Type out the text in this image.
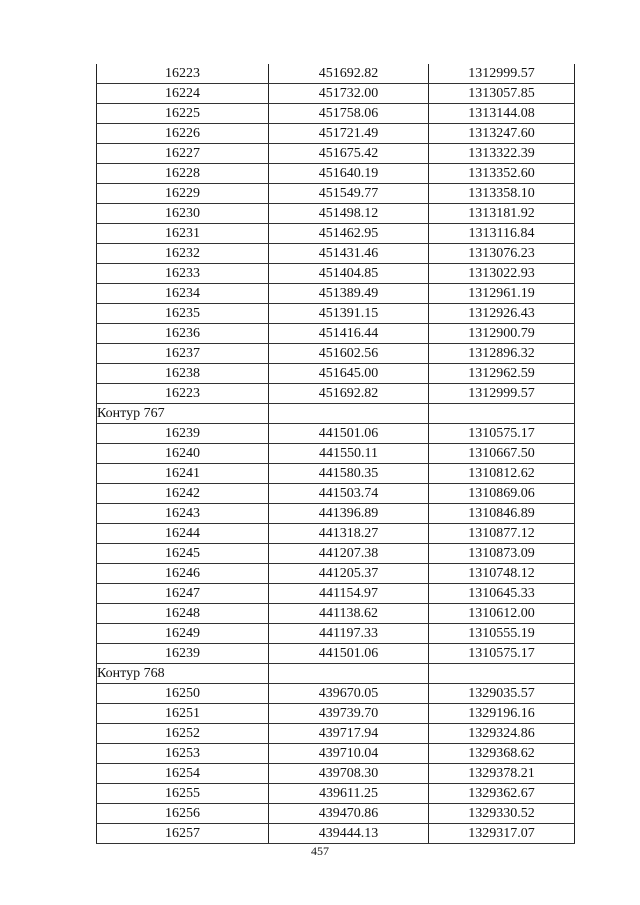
16223	451692.82	1312999.57
16224	451732.00	1313057.85
16225	451758.06	1313144.08
16226	451721.49	1313247.60
16227	451675.42	1313322.39
16228	451640.19	1313352.60
16229	451549.77	1313358.10
16230	451498.12	1313181.92
16231	451462.95	1313116.84
16232	451431.46	1313076.23
16233	451404.85	1313022.93
16234	451389.49	1312961.19
16235	451391.15	1312926.43
16236	451416.44	1312900.79
16237	451602.56	1312896.32
16238	451645.00	1312962.59
16223	451692.82	1312999.57
Контур 767		
16239	441501.06	1310575.17
16240	441550.11	1310667.50
16241	441580.35	1310812.62
16242	441503.74	1310869.06
16243	441396.89	1310846.89
16244	441318.27	1310877.12
16245	441207.38	1310873.09
16246	441205.37	1310748.12
16247	441154.97	1310645.33
16248	441138.62	1310612.00
16249	441197.33	1310555.19
16239	441501.06	1310575.17
Контур 768		
16250	439670.05	1329035.57
16251	439739.70	1329196.16
16252	439717.94	1329324.86
16253	439710.04	1329368.62
16254	439708.30	1329378.21
16255	439611.25	1329362.67
16256	439470.86	1329330.52
16257	439444.13	1329317.07
457
